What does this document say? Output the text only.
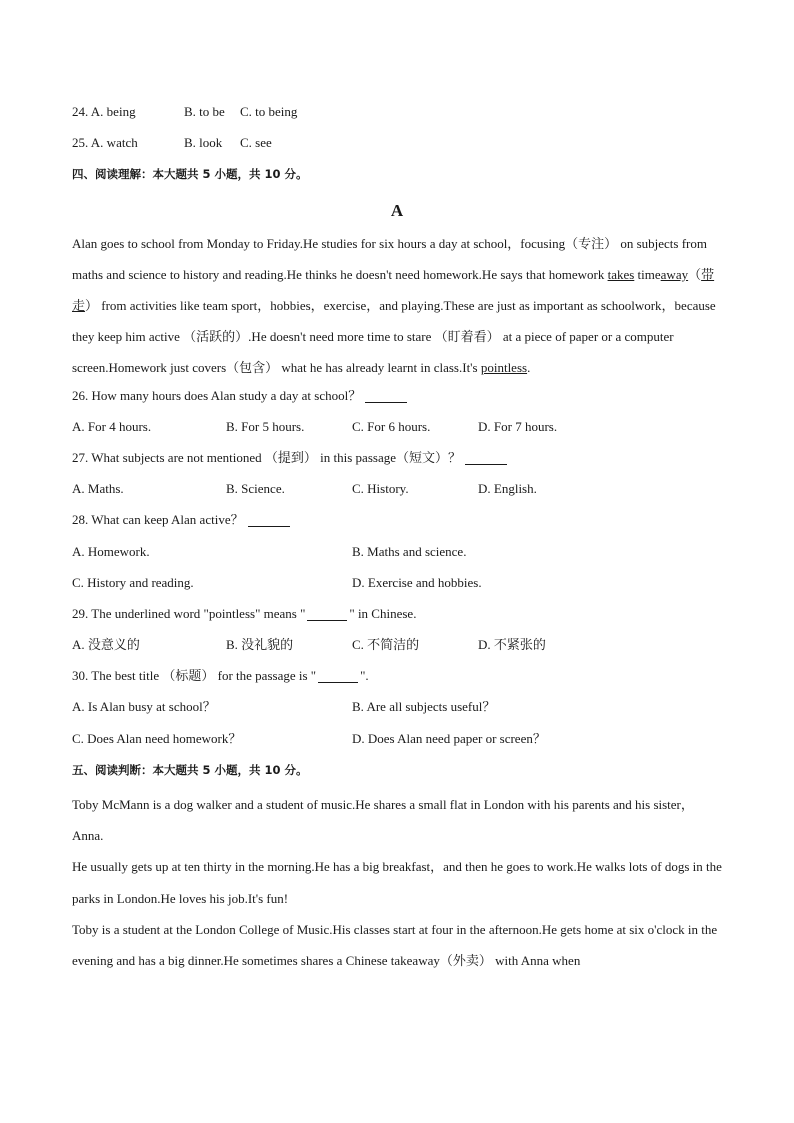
24. A. being	B. to be C. to being
25. A. watch	B. look C. see
四、阅读理解：本大题共 5 小题，共 10 分。
A
Alan goes to school from Monday to Friday.He studies for six hours a day at school，focusing（专注） on subjects from maths and science to history and reading.He thinks he doesn't need homework.He says that homework takes timeaway（带走） from activities like team sport，hobbies，exercise，and playing.These are just as important as schoolwork，because they keep him active （活跃的）.He doesn't need more time to stare （盯着看） at a piece of paper or a computer screen.Homework just covers（包含） what he has already learnt in class.It's pointless.
26. How many hours does Alan study a day at school？
A. For 4 hours.	B. For 5 hours.	C. For 6 hours.	D. For 7 hours.
27. What subjects are not mentioned （提到） in this passage（短文）？
A. Maths.	B. Science.	C. History.	D. English.
28. What can keep Alan active？
A. Homework.	B. Maths and science.
C. History and reading.	D. Exercise and hobbies.
29. The underlined word "pointless" means "	" in Chinese.
A. 没意义的	B. 没礼貌的	C. 不简洁的	D. 不紧张的
30. The best title （标题） for the passage is "	".
A. Is Alan busy at school？	B. Are all subjects useful？
C. Does Alan need homework？	D. Does Alan need paper or screen？
五、阅读判断：本大题共 5 小题，共 10 分。
Toby McMann is a dog walker and a student of music.He shares a small flat in London with his parents and his sister，Anna.
He usually gets up at ten thirty in the morning.He has a big breakfast，and then he goes to work.He walks lots of dogs in the parks in London.He loves his job.It's fun!
Toby is a student at the London College of Music.His classes start at four in the afternoon.He gets home at six o'clock in the evening and has a big dinner.He sometimes shares a Chinese takeaway（外卖） with Anna when
